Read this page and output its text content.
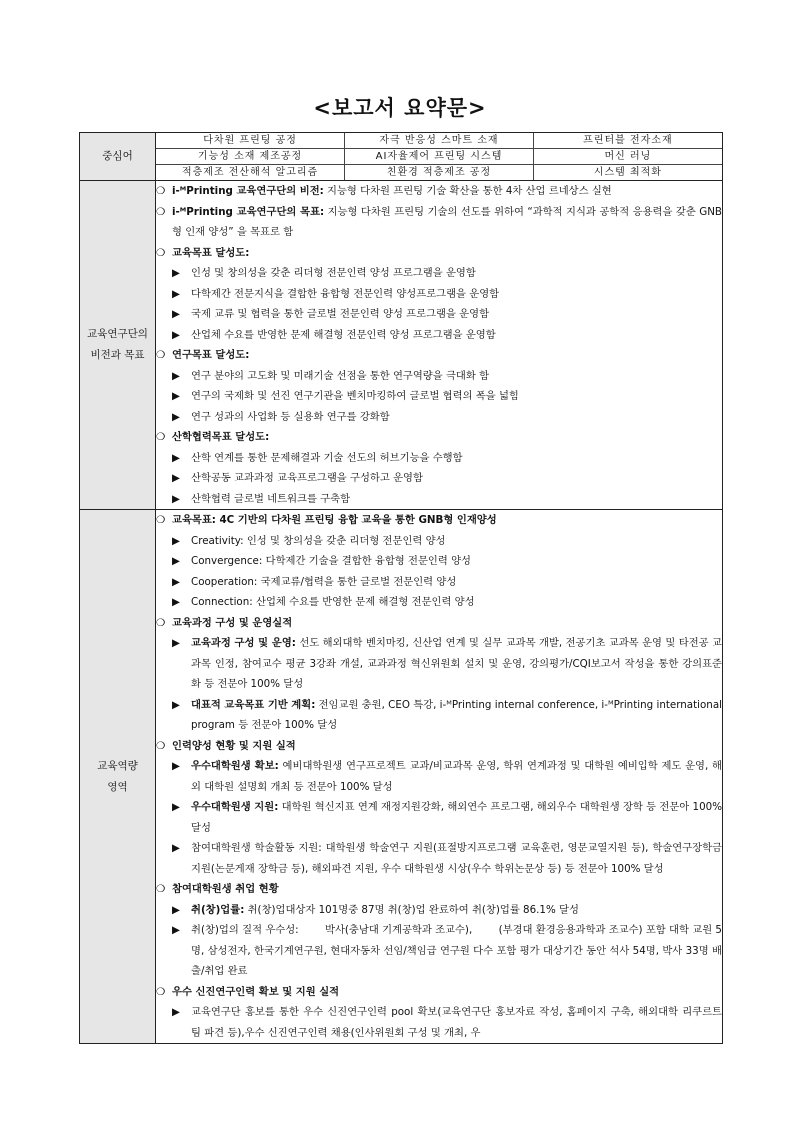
<보고서 요약문>
중심어	
다차원 프린팅 공정	자극 반응성 스마트 소재	프린터블 전자소재
기능성 소재 제조공정	AI자율제어 프린팅 시스템	머신 러닝
적층제조 전산해석 알고리즘	친환경 적층제조 공정	시스템 최적화

교육연구단의 비전과 목표	
❍ i-ᴹPrinting 교육연구단의 비전: 지능형 다차원 프린팅 기술 확산을 통한 4차 산업 르네상스 실현
❍ i-ᴹPrinting 교육연구단의 목표: 지능형 다차원 프린팅 기술의 선도를 위하여 “과학적 지식과 공학적 응용력을 갖춘 GNB형 인재 양성” 을 목표로 함
❍ 교육목표 달성도:
▶	인성 및 창의성을 갖춘 리더형 전문인력 양성 프로그램을 운영함
▶	다학제간 전문지식을 결합한 융합형 전문인력 양성프로그램을 운영함
▶	국제 교류 및 협력을 통한 글로벌 전문인력 양성 프로그램을 운영함
▶	산업체 수요를 반영한 문제 해결형 전문인력 양성 프로그램을 운영함
❍ 연구목표 달성도:
▶	연구 분야의 고도화 및 미래기술 선점을 통한 연구역량을 극대화 함
▶	연구의 국제화 및 선진 연구기관을 벤치마킹하여 글로벌 협력의 폭을 넓힘
▶	연구 성과의 사업화 등 실용화 연구를 강화함
❍ 산학협력목표 달성도:
▶	산학 연계를 통한 문제해결과 기술 선도의 허브기능을 수행함
▶	산학공동 교과과정 교육프로그램을 구성하고 운영함
▶	산학협력 글로벌 네트워크를 구축함

교육역량 영역	
❍ 교육목표: 4C 기반의 다차원 프린팅 융합 교육을 통한 GNB형 인재양성
▶	Creativity: 인성 및 창의성을 갖춘 리더형 전문인력 양성
▶	Convergence: 다학제간 기술을 결합한 융합형 전문인력 양성
▶	Cooperation: 국제교류/협력을 통한 글로벌 전문인력 양성
▶	Connection: 산업체 수요를 반영한 문제 해결형 전문인력 양성
❍ 교육과정 구성 및 운영실적
▶	교육과정 구성 및 운영: 선도 해외대학 벤치마킹, 신산업 연계 및 실무 교과목 개발, 전공기초 교과목 운영 및 타전공 교과목 인정, 참여교수 평균 3강좌 개설, 교과과정 혁신위원회 설치 및 운영, 강의평가/CQI보고서 작성을 통한 강의표준화 등 전문아 100% 달성
▶	대표적 교육목표 기반 계획: 전임교원 충원, CEO 특강, i-ᴹPrinting internal conference, i-ᴹPrinting international program 등 전문아 100% 달성
❍ 인력양성 현황 및 지원 실적
▶	우수대학원생 확보: 예비대학원생 연구프로젝트 교과/비교과목 운영, 학위 연계과정 및 대학원 예비입학 제도 운영, 해외 대학원 설명회 개최 등 전문아 100% 달성
▶	우수대학원생 지원: 대학원 혁신지표 연계 재정지원강화, 해외연수 프로그램, 해외우수 대학원생 장학 등 전문아 100% 달성
▶	참여대학원생 학술활동 지원: 대학원생 학술연구 지원(표절방지프로그램 교육훈련, 영문교열지원 등), 학술연구장학금 지원(논문게재 장학금 등), 해외파견 지원, 우수 대학원생 시상(우수 학위논문상 등) 등 전문아 100% 달성
❍ 참여대학원생 취업 현황
▶	취(창)업률: 취(창)업대상자 101명중 87명 취(창)업 완료하여 취(창)업률 86.1% 달성
▶	취(창)업의 질적 우수성:        박사(충남대 기계공학과 조교수),        (부경대 환경응용과학과 조교수) 포함 대학 교원 5명, 삼성전자, 한국기계연구원, 현대자동차 선임/책임급 연구원 다수 포함 평가 대상기간 동안 석사 54명, 박사 33명 배출/취업 완료
❍ 우수 신진연구인력 확보 및 지원 실적
▶	교육연구단 홍보를 통한 우수 신진연구인력 pool 확보(교육연구단 홍보자료 작성, 홈페이지 구축, 해외대학 리쿠르트 팀 파견 등),우수 신진연구인력 채용(인사위원회 구성 및 개최, 우
